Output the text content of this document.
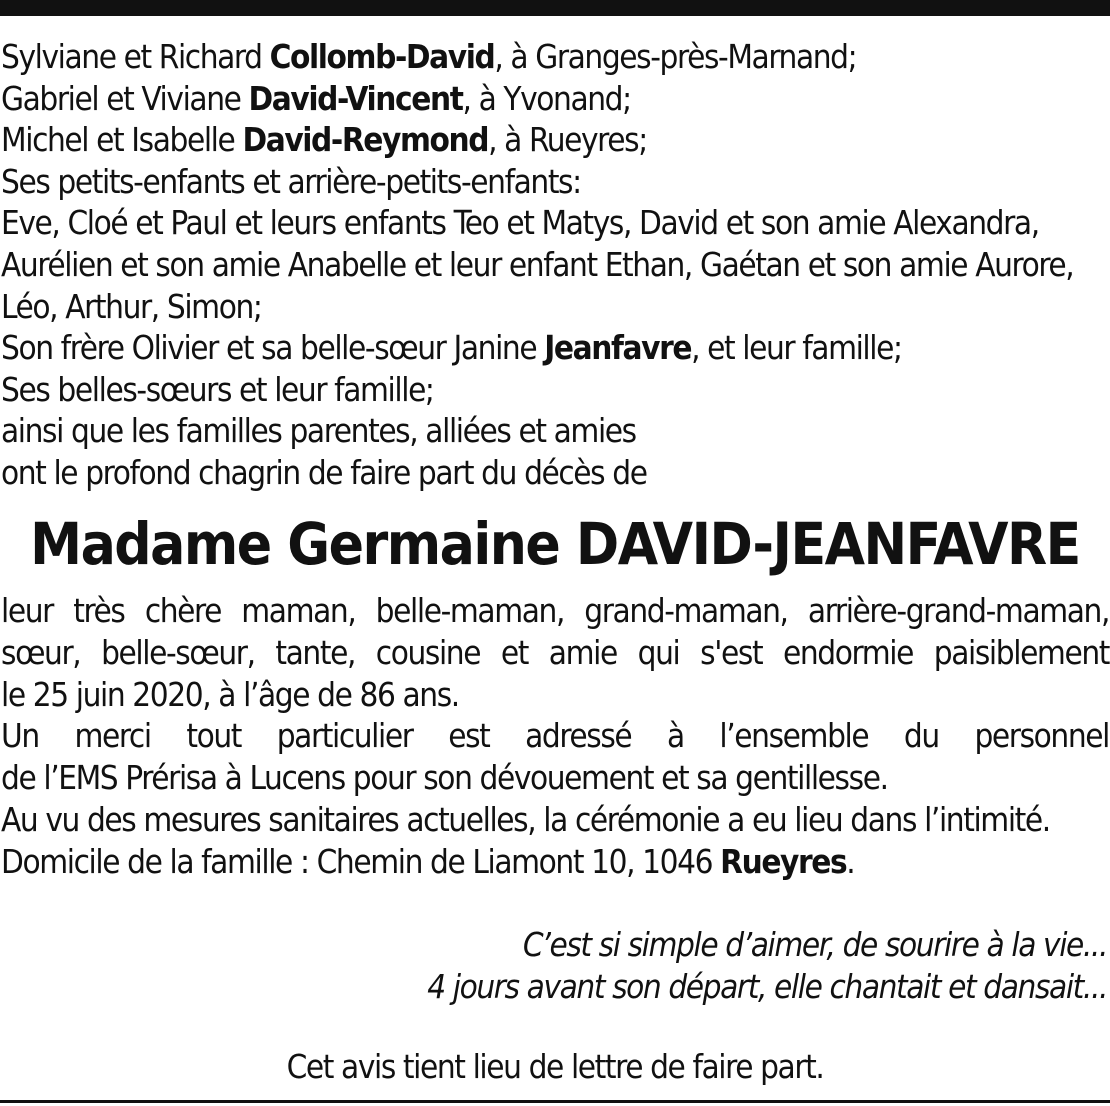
Sylviane et Richard Collomb-David, à Granges-près-Marnand;
Gabriel et Viviane David-Vincent, à Yvonand;
Michel et Isabelle David-Reymond, à Rueyres;
Ses petits-enfants et arrière-petits-enfants:
Eve, Cloé et Paul et leurs enfants Teo et Matys, David et son amie Alexandra,
Aurélien et son amie Anabelle et leur enfant Ethan, Gaétan et son amie Aurore,
Léo, Arthur, Simon;
Son frère Olivier et sa belle-sœur Janine Jeanfavre, et leur famille;
Ses belles-sœurs et leur famille;
ainsi que les familles parentes, alliées et amies
ont le profond chagrin de faire part du décès de
Madame Germaine DAVID-JEANFAVRE
leur très chère maman, belle-maman, grand-maman, arrière-grand-maman,
sœur, belle-sœur, tante, cousine et amie qui s'est endormie paisiblement
le 25 juin 2020, à l’âge de 86 ans.
Un merci tout particulier est adressé à l’ensemble du personnel
de l’EMS Prérisa à Lucens pour son dévouement et sa gentillesse.
Au vu des mesures sanitaires actuelles, la cérémonie a eu lieu dans l’intimité.
Domicile de la famille : Chemin de Liamont 10, 1046 Rueyres.
C’est si simple d’aimer, de sourire à la vie...
4 jours avant son départ, elle chantait et dansait...
Cet avis tient lieu de lettre de faire part.
